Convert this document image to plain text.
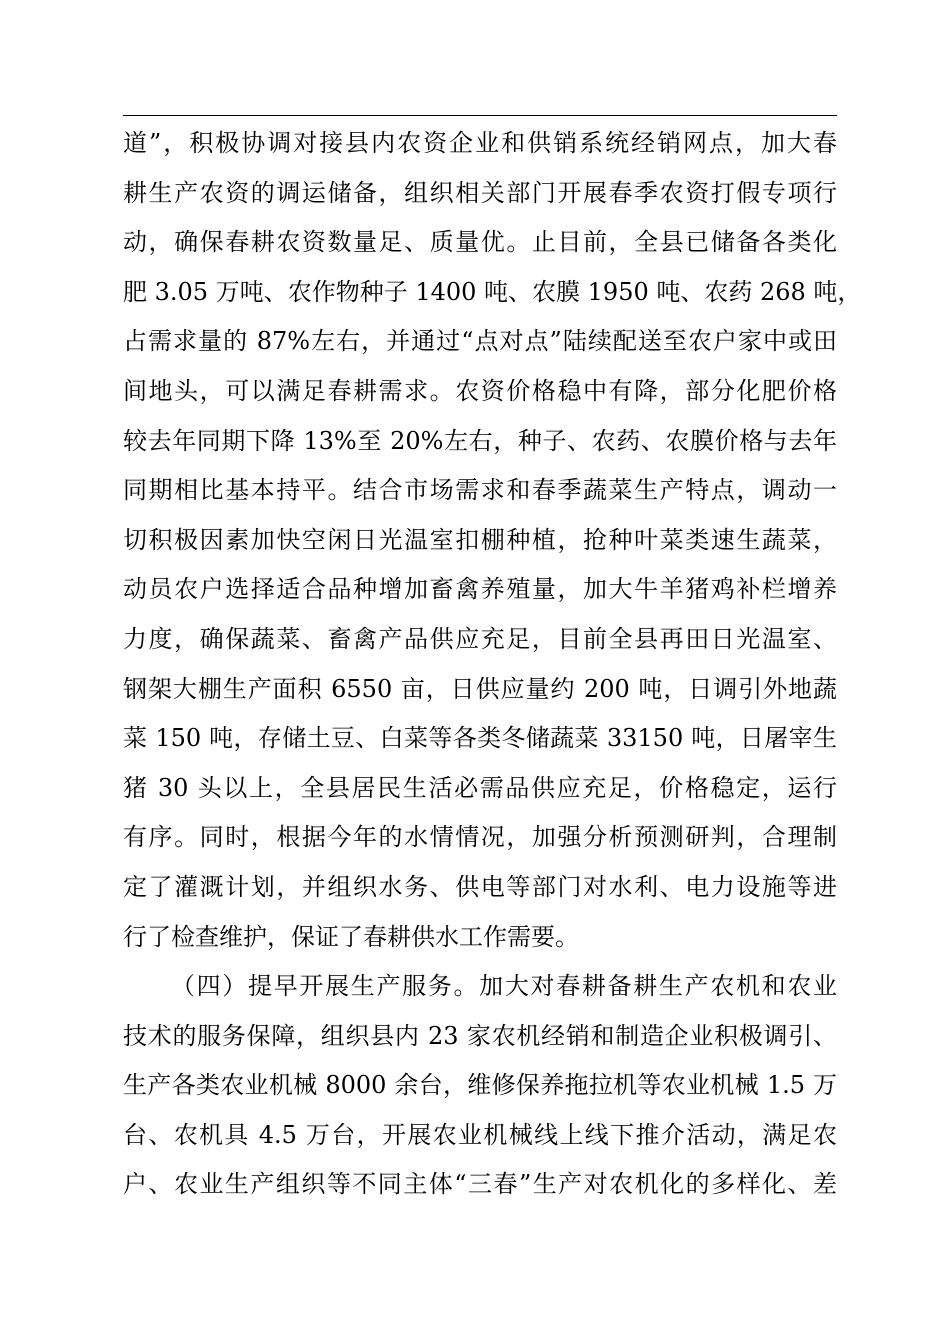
道”，积极协调对接县内农资企业和供销系统经销网点，加大春
耕生产农资的调运储备，组织相关部门开展春季农资打假专项行
动，确保春耕农资数量足、质量优。止目前，全县已储备各类化
肥 3.05 万吨、农作物种子 1400 吨、农膜 1950 吨、农药 268 吨，
占需求量的 87%左右，并通过“点对点”陆续配送至农户家中或田
间地头，可以满足春耕需求。农资价格稳中有降，部分化肥价格
较去年同期下降 13%至 20%左右，种子、农药、农膜价格与去年
同期相比基本持平。结合市场需求和春季蔬菜生产特点，调动一
切积极因素加快空闲日光温室扣棚种植，抢种叶菜类速生蔬菜，
动员农户选择适合品种增加畜禽养殖量，加大牛羊猪鸡补栏增养
力度，确保蔬菜、畜禽产品供应充足，目前全县再田日光温室、
钢架大棚生产面积 6550 亩，日供应量约 200 吨，日调引外地蔬
菜 150 吨，存储土豆、白菜等各类冬储蔬菜 33150 吨，日屠宰生
猪 30 头以上，全县居民生活必需品供应充足，价格稳定，运行
有序。同时，根据今年的水情情况，加强分析预测研判，合理制
定了灌溉计划，并组织水务、供电等部门对水利、电力设施等进
行了检查维护，保证了春耕供水工作需要。
（四）提早开展生产服务。加大对春耕备耕生产农机和农业
技术的服务保障，组织县内 23 家农机经销和制造企业积极调引、
生产各类农业机械 8000 余台，维修保养拖拉机等农业机械 1.5 万
台、农机具 4.5 万台，开展农业机械线上线下推介活动，满足农
户、农业生产组织等不同主体“三春”生产对农机化的多样化、差
